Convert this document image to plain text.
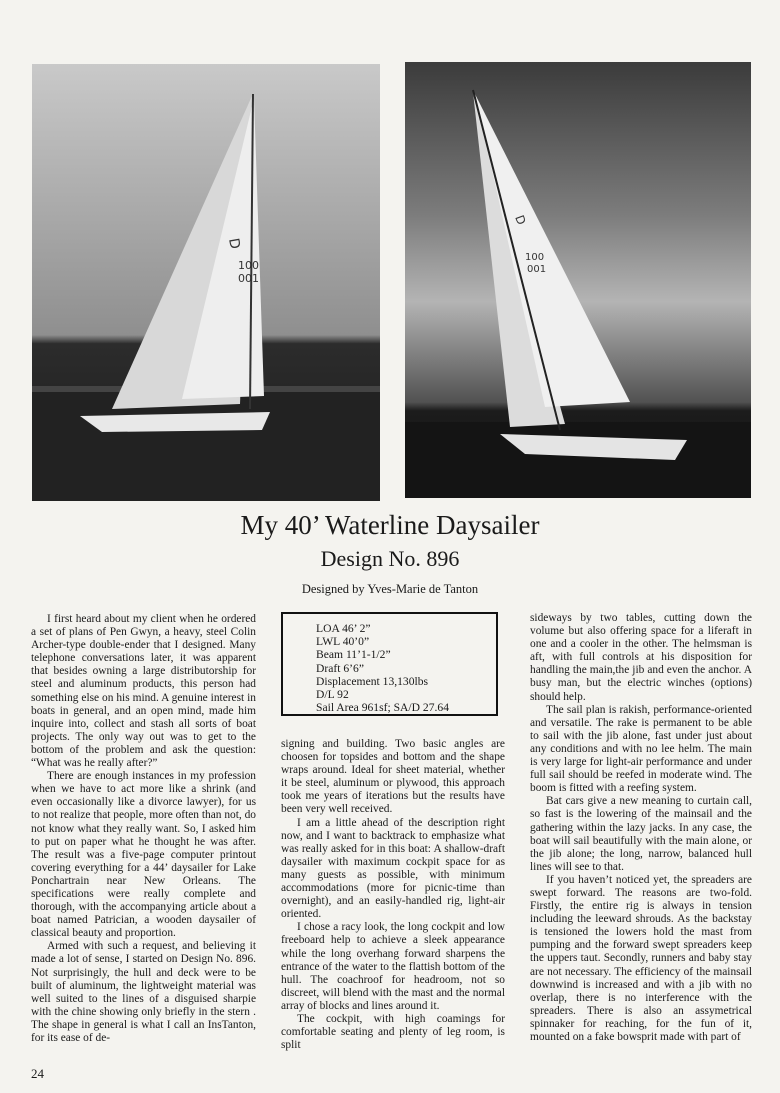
D
100
001
D
100
001
My 40’ Waterline Daysailer
Design No. 896
Designed by Yves-Marie de Tanton

I first heard about my client when he ordered a set of plans of Pen Gwyn, a heavy, steel Colin Archer-type double-ender that I designed. Many telephone conversations later, it was apparent that besides owning a large distributorship for steel and aluminum products, this person had something else on his mind. A genuine interest in boats in general, and an open mind, made him inquire into, collect and stash all sorts of boat projects. The only way out was to get to the bottom of the problem and ask the question: “What was he really after?”

There are enough instances in my profession when we have to act more like a shrink (and even occasionally like a divorce lawyer), for us to not realize that people, more often than not, do not know what they really want. So, I asked him to put on paper what he thought he was after. The result was a five-page computer printout covering everything for a 44’ daysailer for Lake Ponchartrain near New Orleans. The specifications were really complete and thorough, with the accompanying article about a boat named Patrician, a wooden daysailer of classical beauty and proportion.

Armed with such a request, and believing it made a lot of sense, I started on Design No. 896. Not surprisingly, the hull and deck were to be built of aluminum, the lightweight material was well suited to the lines of a disguised sharpie with the chine showing only briefly in the stern . The shape in general is what I call an InsTanton, for its ease of de-

LOA 46’ 2”
LWL 40’0”
Beam 11’1-1/2”
Draft 6’6”
Displacement 13,130lbs
D/L 92
Sail Area 961sf; SA/D 27.64

signing and building. Two basic angles are choosen for topsides and bottom and the shape wraps around. Ideal for sheet material, whether it be steel, aluminum or plywood, this approach took me years of iterations but the results have been very well received.

I am a little ahead of the description right now, and I want to backtrack to emphasize what was really asked for in this boat: A shallow-draft daysailer with maximum cockpit space for as many guests as possible, with minimum accommodations (more for picnic-time than overnight), and an easily-handled rig, light-air oriented.

I chose a racy look, the long cockpit and low freeboard help to achieve a sleek appearance while the long overhang forward sharpens the entrance of the water to the flattish bottom of the hull. The coachroof for headroom, not so discreet, will blend with the mast and the normal array of blocks and lines around it.

The cockpit, with high coamings for comfortable seating and plenty of leg room, is split

sideways by two tables, cutting down the volume but also offering space for a liferaft in one and a cooler in the other. The helmsman is aft, with full controls at his disposition for handling the main,the jib and even the anchor. A busy man, but the electric winches (options) should help.

The sail plan is rakish, performance-oriented and versatile. The rake is permanent to be able to sail with the jib alone, fast under just about any conditions and with no lee helm. The main is very large for light-air performance and under full sail should be reefed in moderate wind. The boom is fitted with a reefing system.

Bat cars give a new meaning to curtain call, so fast is the lowering of the mainsail and the gathering within the lazy jacks. In any case, the boat will sail beautifully with the main alone, or the jib alone; the long, narrow, balanced hull lines will see to that.

If you haven’t noticed yet, the spreaders are swept forward. The reasons are two-fold. Firstly, the entire rig is always in tension including the leeward shrouds. As the backstay is tensioned the lowers hold the mast from pumping and the forward swept spreaders keep the uppers taut. Secondly, runners and baby stay are not necessary. The efficiency of the mainsail downwind is increased and with a jib with no overlap, there is no interference with the spreaders. There is also an assymetrical spinnaker for reaching, for the fun of it, mounted on a fake bowsprit made with part of

24
